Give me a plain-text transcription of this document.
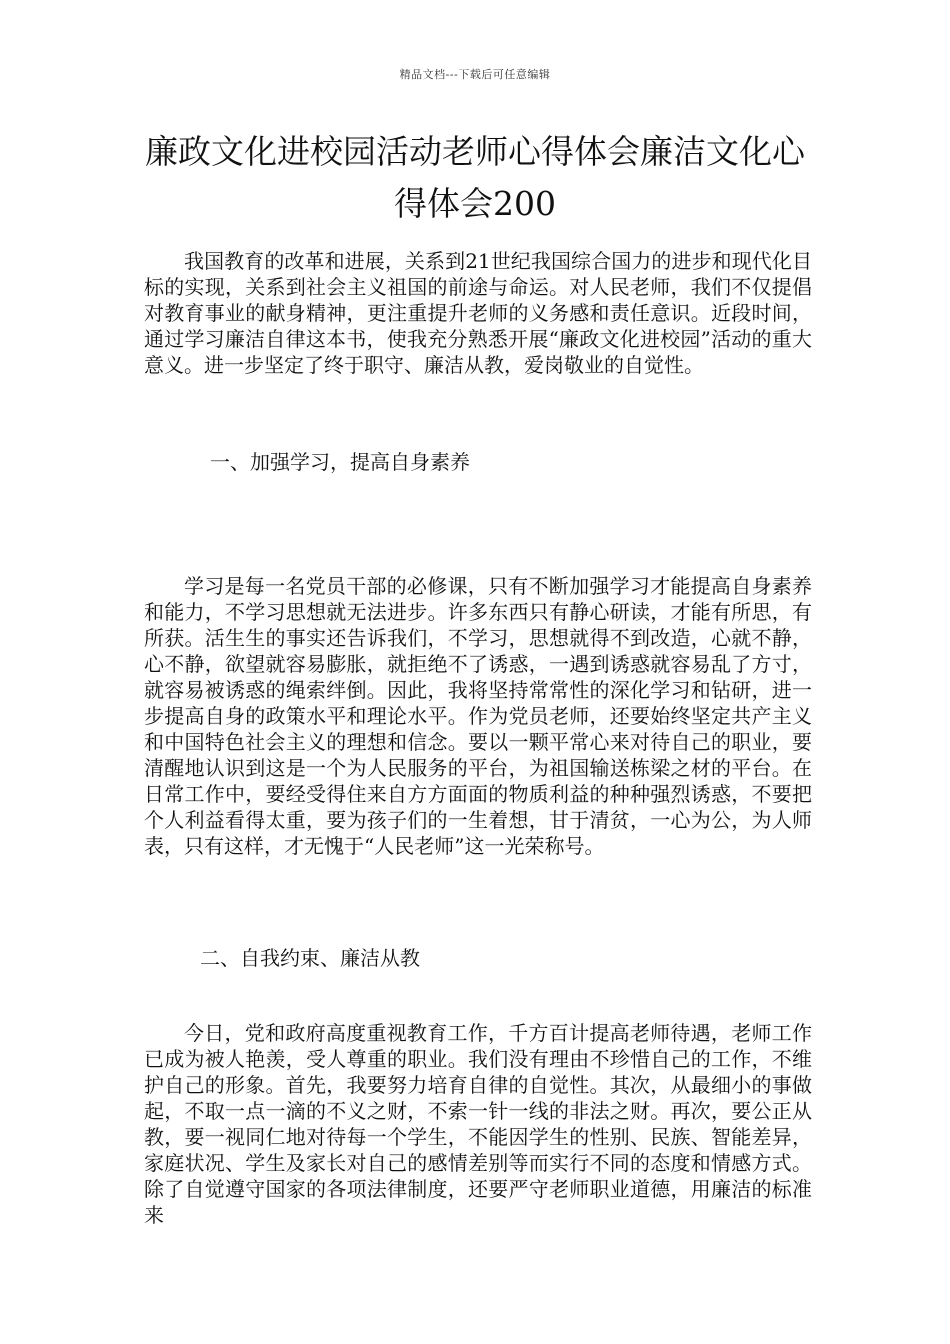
精品文档---下载后可任意编辑
廉政文化进校园活动老师心得体会廉洁文化心得体会200

我国教育的改革和进展，关系到21世纪我国综合国力的进步和现代化目标的实现，关系到社会主义祖国的前途与命运。对人民老师，我们不仅提倡对教育事业的献身精神，更注重提升老师的义务感和责任意识。近段时间，通过学习廉洁自律这本书，使我充分熟悉开展“廉政文化进校园”活动的重大意义。进一步坚定了终于职守、廉洁从教，爱岗敬业的自觉性。

一、加强学习，提高自身素养

学习是每一名党员干部的必修课，只有不断加强学习才能提高自身素养和能力，不学习思想就无法进步。许多东西只有静心研读，才能有所思，有所获。活生生的事实还告诉我们，不学习，思想就得不到改造，心就不静，心不静，欲望就容易膨胀，就拒绝不了诱惑，一遇到诱惑就容易乱了方寸，就容易被诱惑的绳索绊倒。因此，我将坚持常常性的深化学习和钻研，进一步提高自身的政策水平和理论水平。作为党员老师，还要始终坚定共产主义和中国特色社会主义的理想和信念。要以一颗平常心来对待自己的职业，要清醒地认识到这是一个为人民服务的平台，为祖国输送栋梁之材的平台。在日常工作中，要经受得住来自方方面面的物质利益的种种强烈诱惑，不要把个人利益看得太重，要为孩子们的一生着想，甘于清贫，一心为公，为人师表，只有这样，才无愧于“人民老师”这一光荣称号。

二、自我约束、廉洁从教

今日，党和政府高度重视教育工作，千方百计提高老师待遇，老师工作已成为被人艳羡，受人尊重的职业。我们没有理由不珍惜自己的工作，不维护自己的形象。首先，我要努力培育自律的自觉性。其次，从最细小的事做起，不取一点一滴的不义之财，不索一针一线的非法之财。再次，要公正从教，要一视同仁地对待每一个学生，不能因学生的性别、民族、智能差异，家庭状况、学生及家长对自己的感情差别等而实行不同的态度和情感方式。除了自觉遵守国家的各项法律制度，还要严守老师职业道德，用廉洁的标准来
